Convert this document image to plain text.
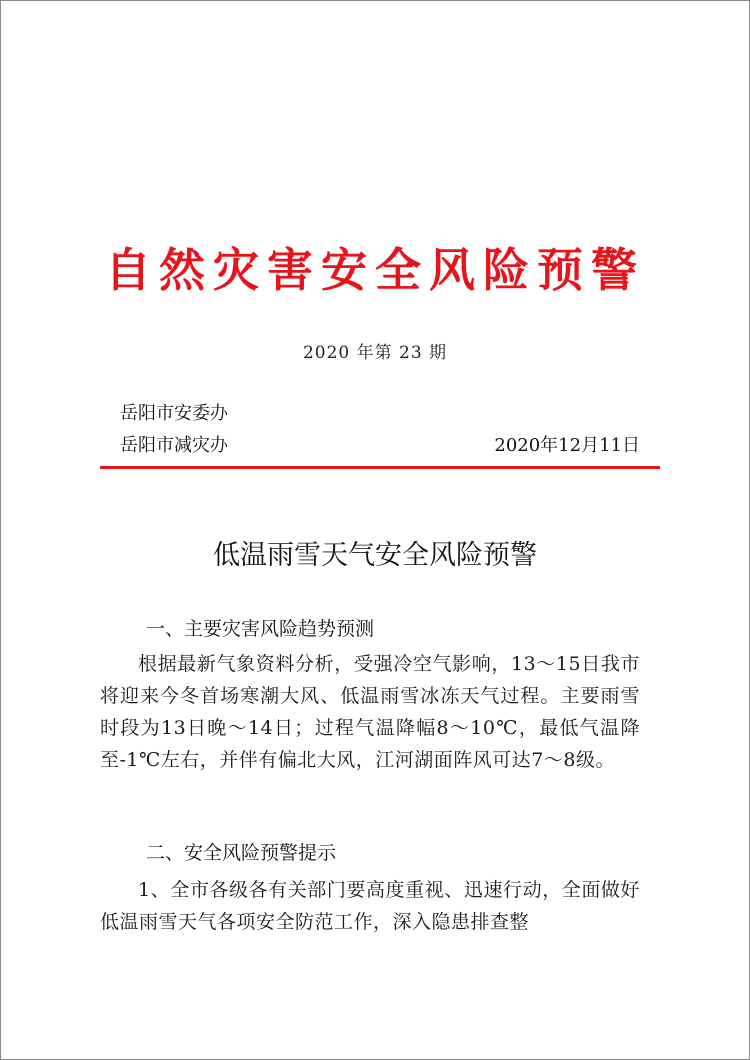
自然灾害安全风险预警
2020 年第 23 期
岳阳市安委办
岳阳市减灾办	2020年12月11日
低温雨雪天气安全风险预警
一、主要灾害风险趋势预测
根据最新气象资料分析，受强冷空气影响，13～15日我市将迎来今冬首场寒潮大风、低温雨雪冰冻天气过程。主要雨雪时段为13日晚～14日；过程气温降幅8～10℃，最低气温降至-1℃左右，并伴有偏北大风，江河湖面阵风可达7～8级。
二、安全风险预警提示
1、全市各级各有关部门要高度重视、迅速行动，全面做好低温雨雪天气各项安全防范工作，深入隐患排查整
